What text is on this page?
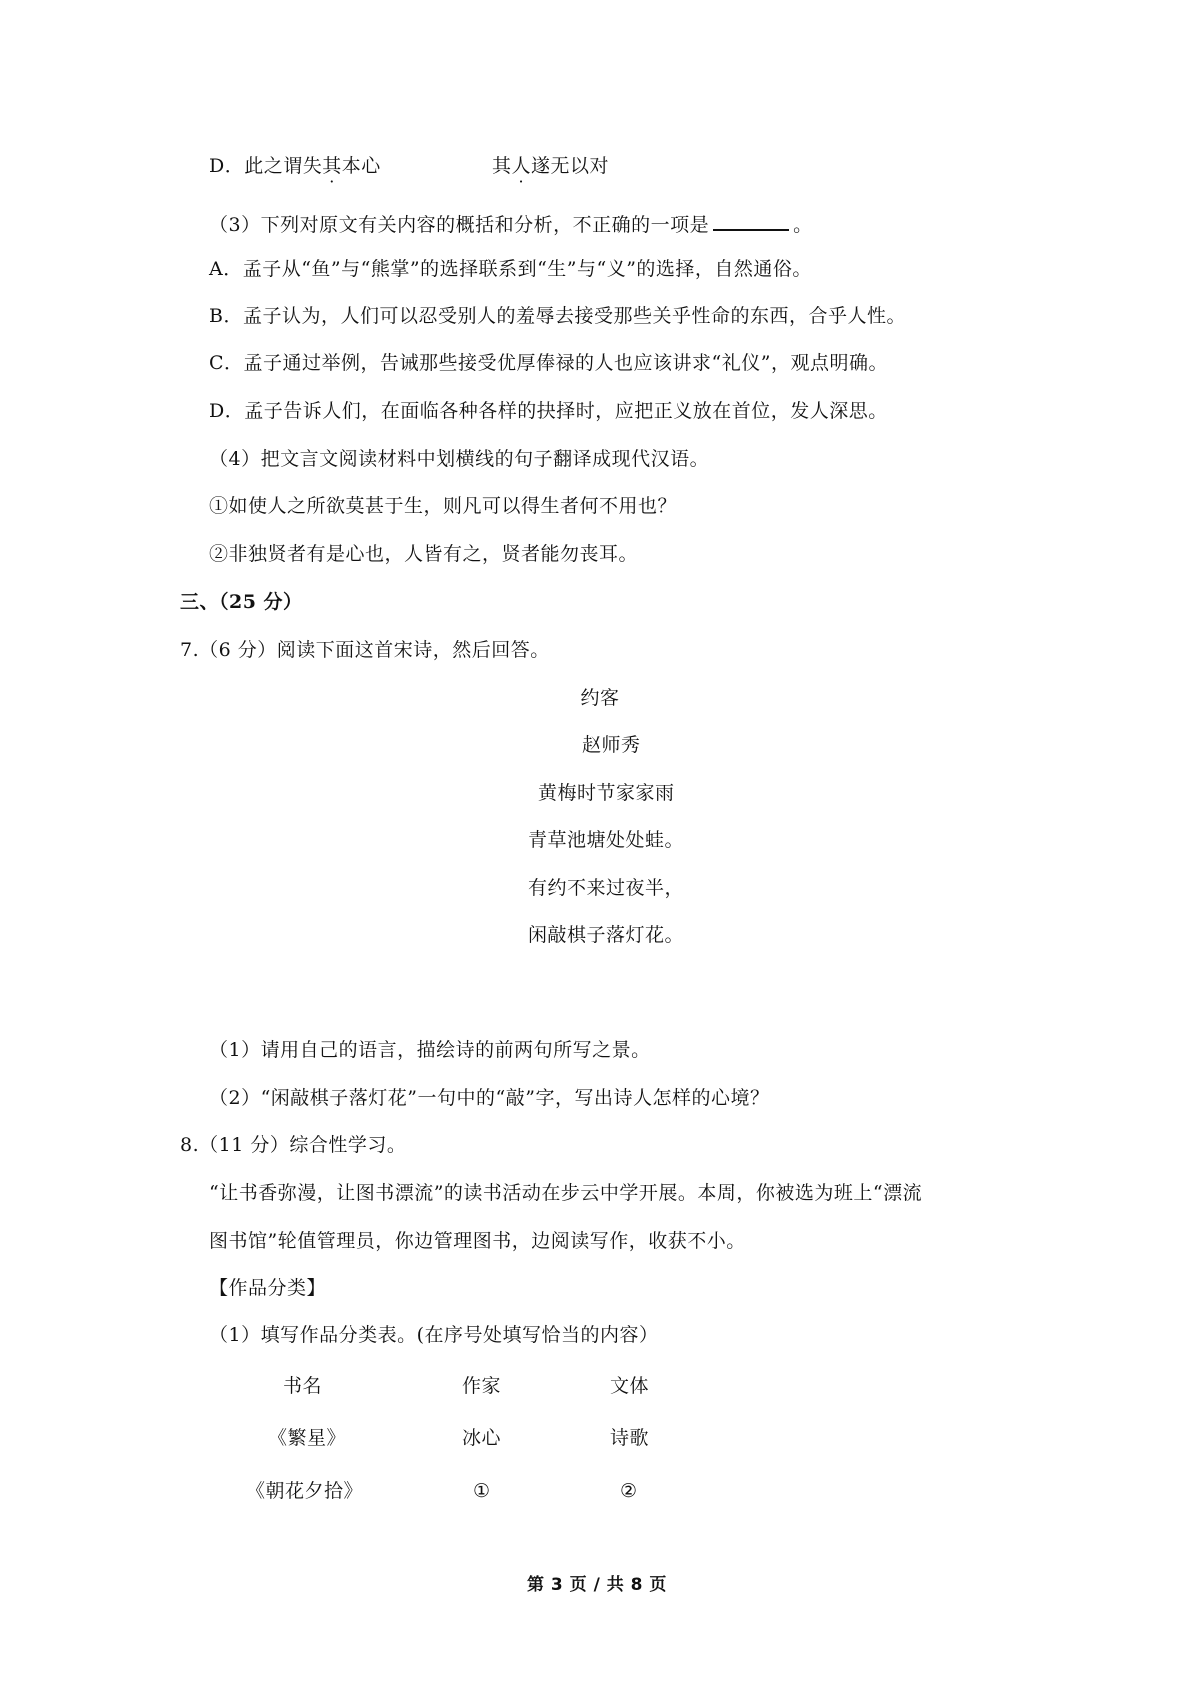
D．此之谓失其本心	其人遂无以对
（3）下列对原文有关内容的概括和分析，不正确的一项是	。
A．孟子从“鱼”与“熊掌”的选择联系到“生”与“义”的选择，自然通俗。
B．孟子认为，人们可以忍受别人的羞辱去接受那些关乎性命的东西，合乎人性。
C．孟子通过举例，告诫那些接受优厚俸禄的人也应该讲求“礼仪”，观点明确。
D．孟子告诉人们，在面临各种各样的抉择时，应把正义放在首位，发人深思。
（4）把文言文阅读材料中划横线的句子翻译成现代汉语。
①如使人之所欲莫甚于生，则凡可以得生者何不用也？
②非独贤者有是心也，人皆有之，贤者能勿丧耳。
三、（25 分）
7.（6 分）阅读下面这首宋诗，然后回答。
约客
赵师秀
黄梅时节家家雨
青草池塘处处蛙。
有约不来过夜半，
闲敲棋子落灯花。
（1）请用自己的语言，描绘诗的前两句所写之景。
（2）“闲敲棋子落灯花”一句中的“敲”字，写出诗人怎样的心境？
8.（11 分）综合性学习。
“让书香弥漫，让图书漂流”的读书活动在步云中学开展。本周，你被选为班上“漂流
图书馆”轮值管理员，你边管理图书，边阅读写作，收获不小。
【作品分类】
（1）填写作品分类表。(在序号处填写恰当的内容）
书名	作家	文体
《繁星》	冰心	诗歌
《朝花夕拾》	①	②
第 3 页 / 共 8 页
